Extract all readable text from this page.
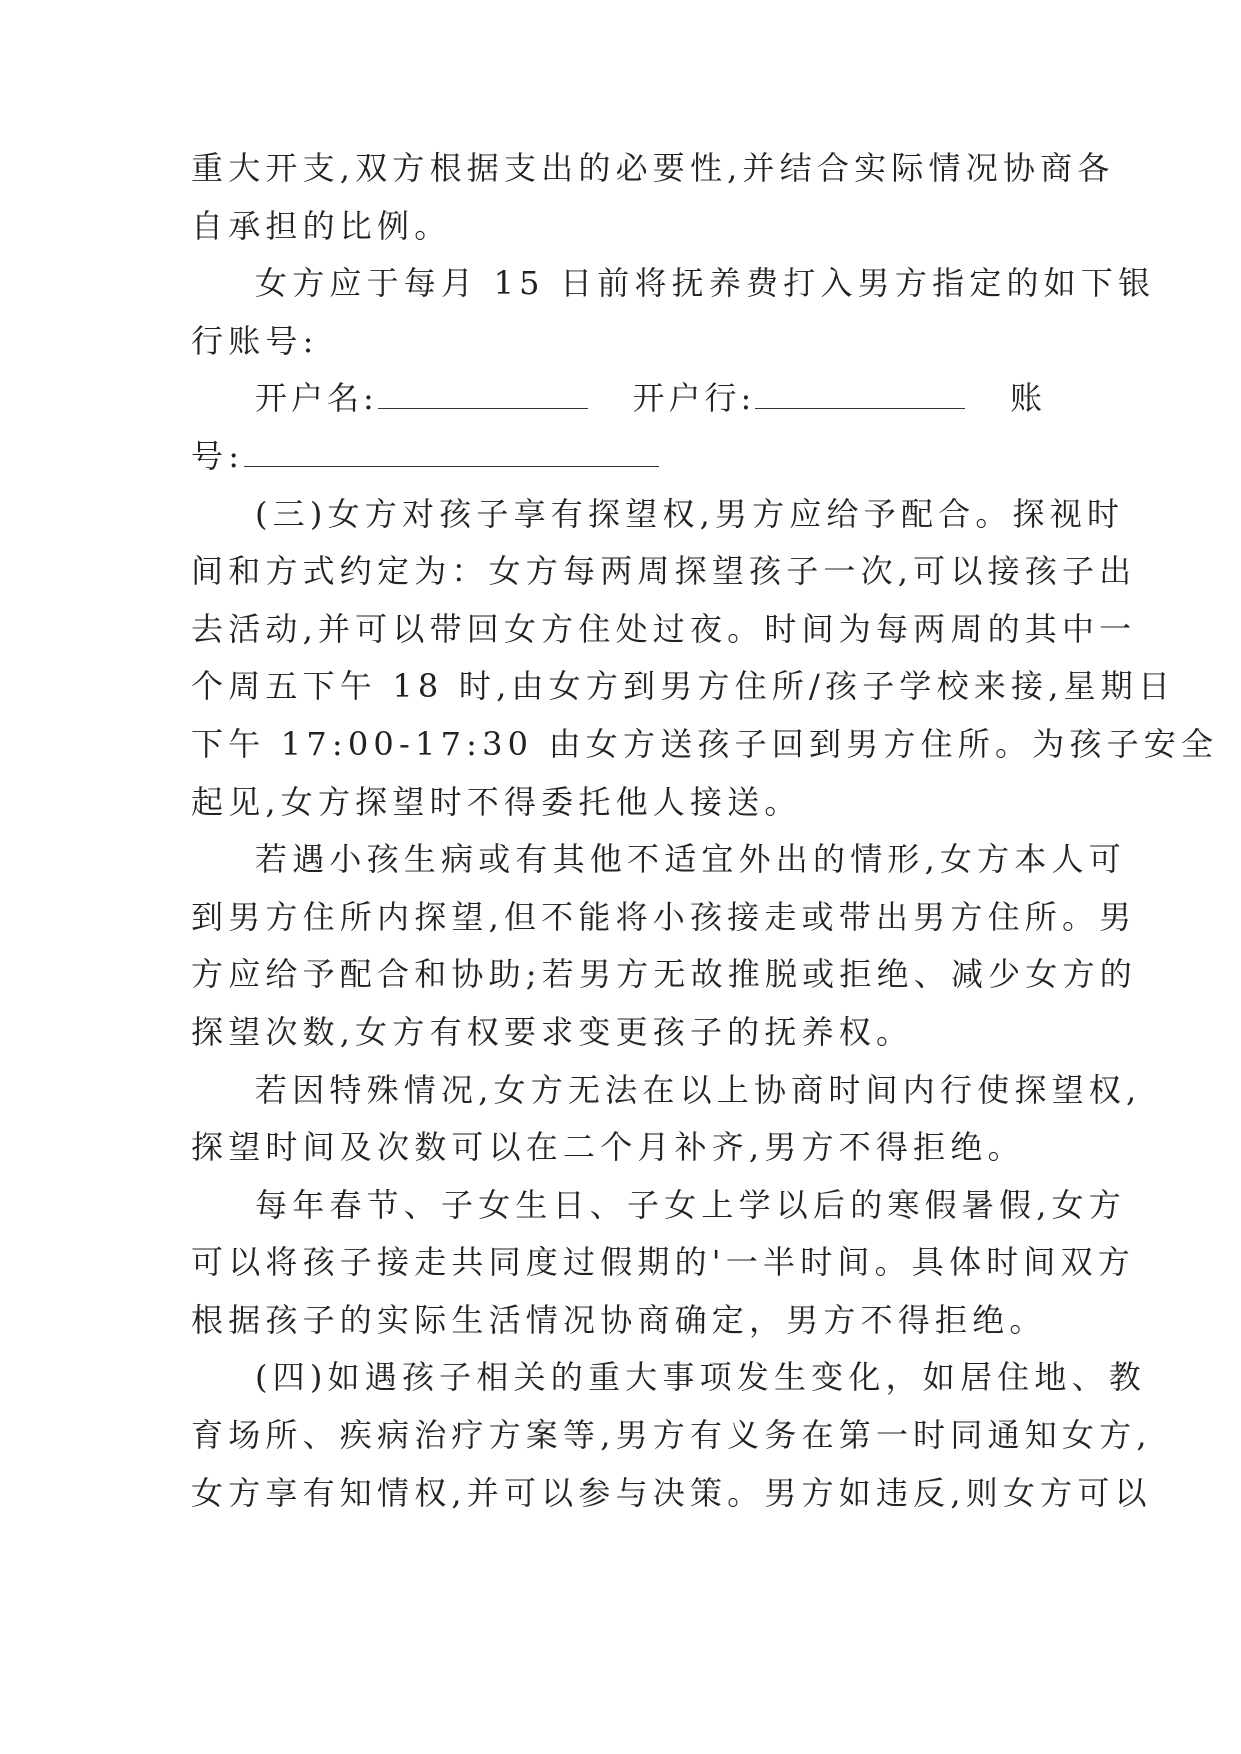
重大开支,双方根据支出的必要性,并结合实际情况协商各
自承担的比例。
女方应于每月 15 日前将抚养费打入男方指定的如下银
行账号:
开户名:	开户行:	账
号:
(三)女方对孩子享有探望权,男方应给予配合。探视时
间和方式约定为：女方每两周探望孩子一次,可以接孩子出
去活动,并可以带回女方住处过夜。时间为每两周的其中一
个周五下午 18 时,由女方到男方住所/孩子学校来接,星期日
下午 17:00-17:30 由女方送孩子回到男方住所。为孩子安全
起见,女方探望时不得委托他人接送。
若遇小孩生病或有其他不适宜外出的情形,女方本人可
到男方住所内探望,但不能将小孩接走或带出男方住所。男
方应给予配合和协助;若男方无故推脱或拒绝、减少女方的
探望次数,女方有权要求变更孩子的抚养权。
若因特殊情况,女方无法在以上协商时间内行使探望权,
探望时间及次数可以在二个月补齐,男方不得拒绝。
每年春节、子女生日、子女上学以后的寒假暑假,女方
可以将孩子接走共同度过假期的'一半时间。具体时间双方
根据孩子的实际生活情况协商确定，男方不得拒绝。
(四)如遇孩子相关的重大事项发生变化，如居住地、教
育场所、疾病治疗方案等,男方有义务在第一时同通知女方,
女方享有知情权,并可以参与决策。男方如违反,则女方可以
